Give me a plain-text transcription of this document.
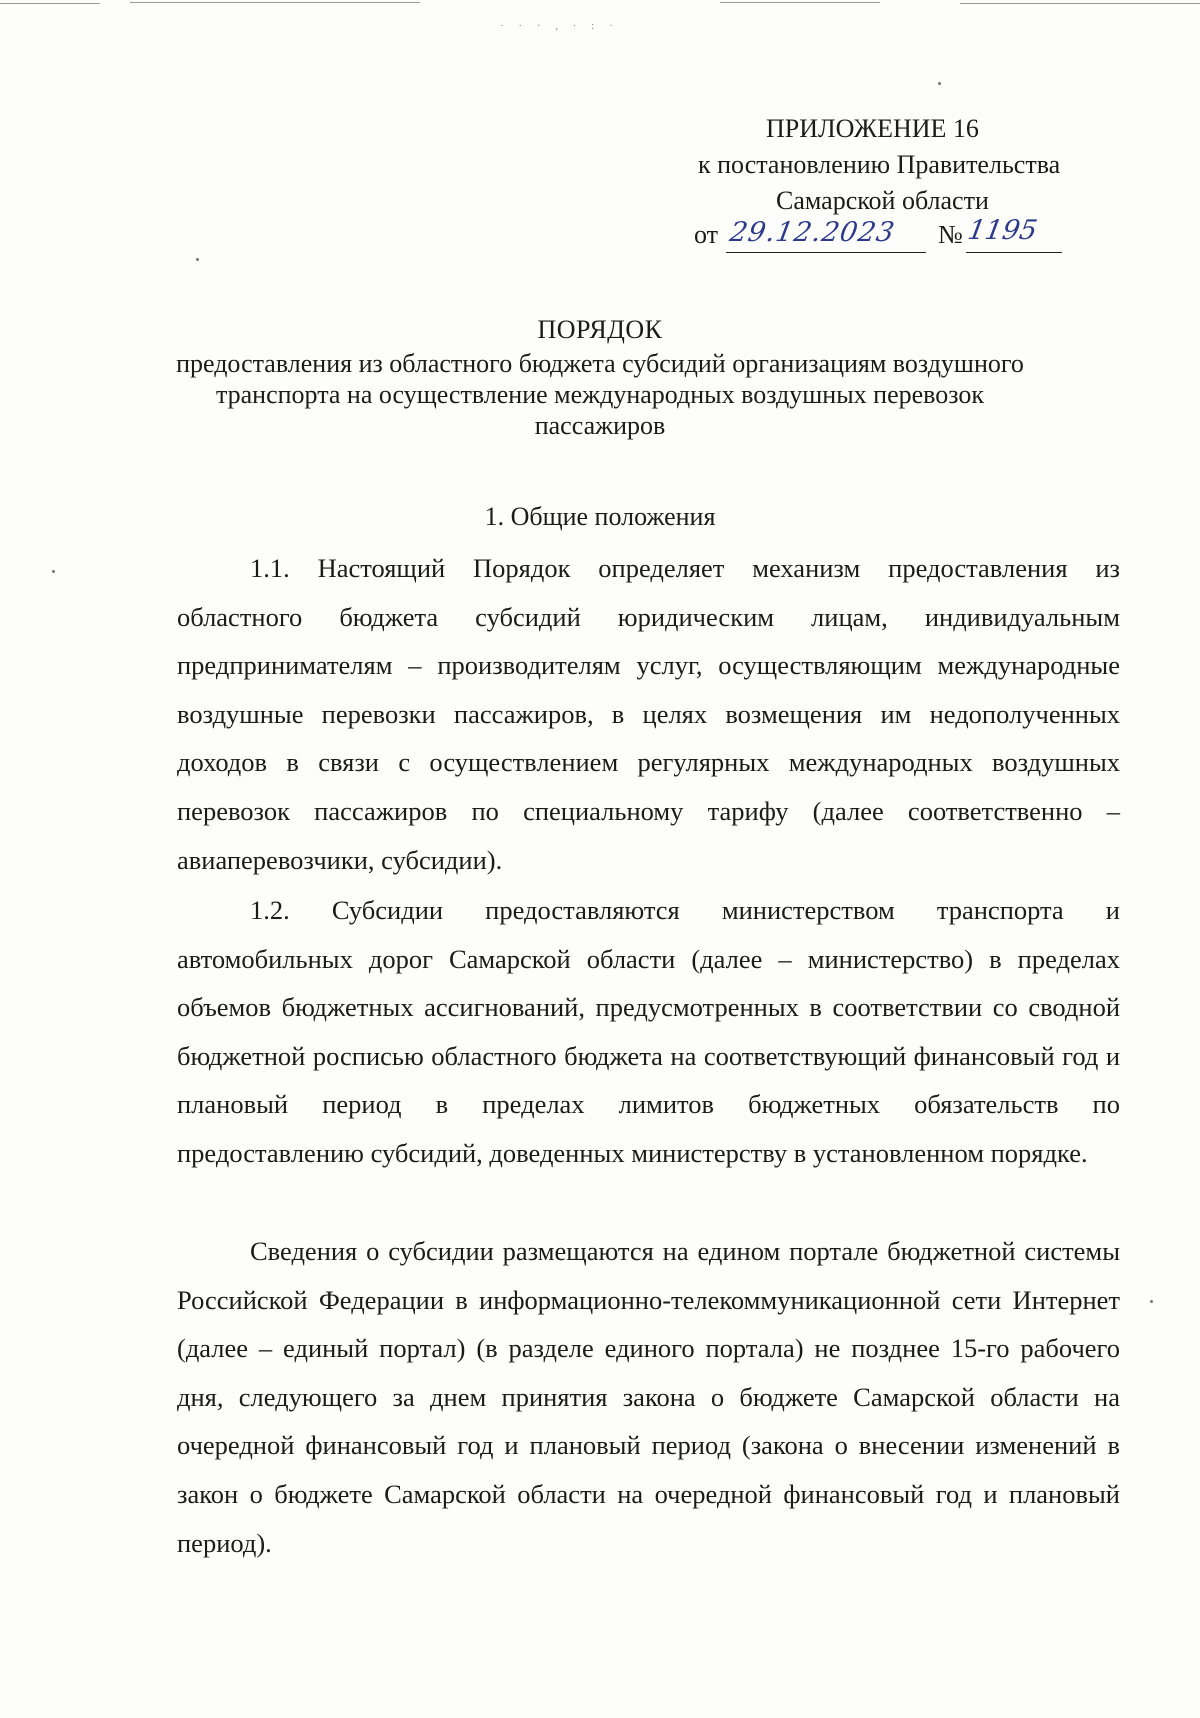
· · · , · : ·
ПРИЛОЖЕНИЕ 16
к постановлению Правительства
Самарской области
от 29.12.2023 № 1195
ПОРЯДОК
предоставления из областного бюджета субсидий организациям воздушного транспорта на осуществление международных воздушных перевозок пассажиров
1. Общие положения

1.1. Настоящий Порядок определяет механизм предоставления из областного бюджета субсидий юридическим лицам, индивидуальным предпринимателям – производителям услуг, осуществляющим международные воздушные перевозки пассажиров, в целях возмещения им недополученных доходов в связи с осуществлением регулярных международных воздушных перевозок пассажиров по специальному тарифу (далее соответственно – авиаперевозчики, субсидии).

1.2. Субсидии предоставляются министерством транспорта и автомобильных дорог Самарской области (далее – министерство) в пределах объемов бюджетных ассигнований, предусмотренных в соответствии со сводной бюджетной росписью областного бюджета на соответствующий финансовый год и плановый период в пределах лимитов бюджетных обязательств по предоставлению субсидий, доведенных министерству в установленном порядке.

Сведения о субсидии размещаются на едином портале бюджетной системы Российской Федерации в информационно-телекоммуникационной сети Интернет (далее – единый портал) (в разделе единого портала) не позднее 15-го рабочего дня, следующего за днем принятия закона о бюджете Самарской области на очередной финансовый год и плановый период (закона о внесении изменений в закон о бюджете Самарской области на очередной финансовый год и плановый период).
